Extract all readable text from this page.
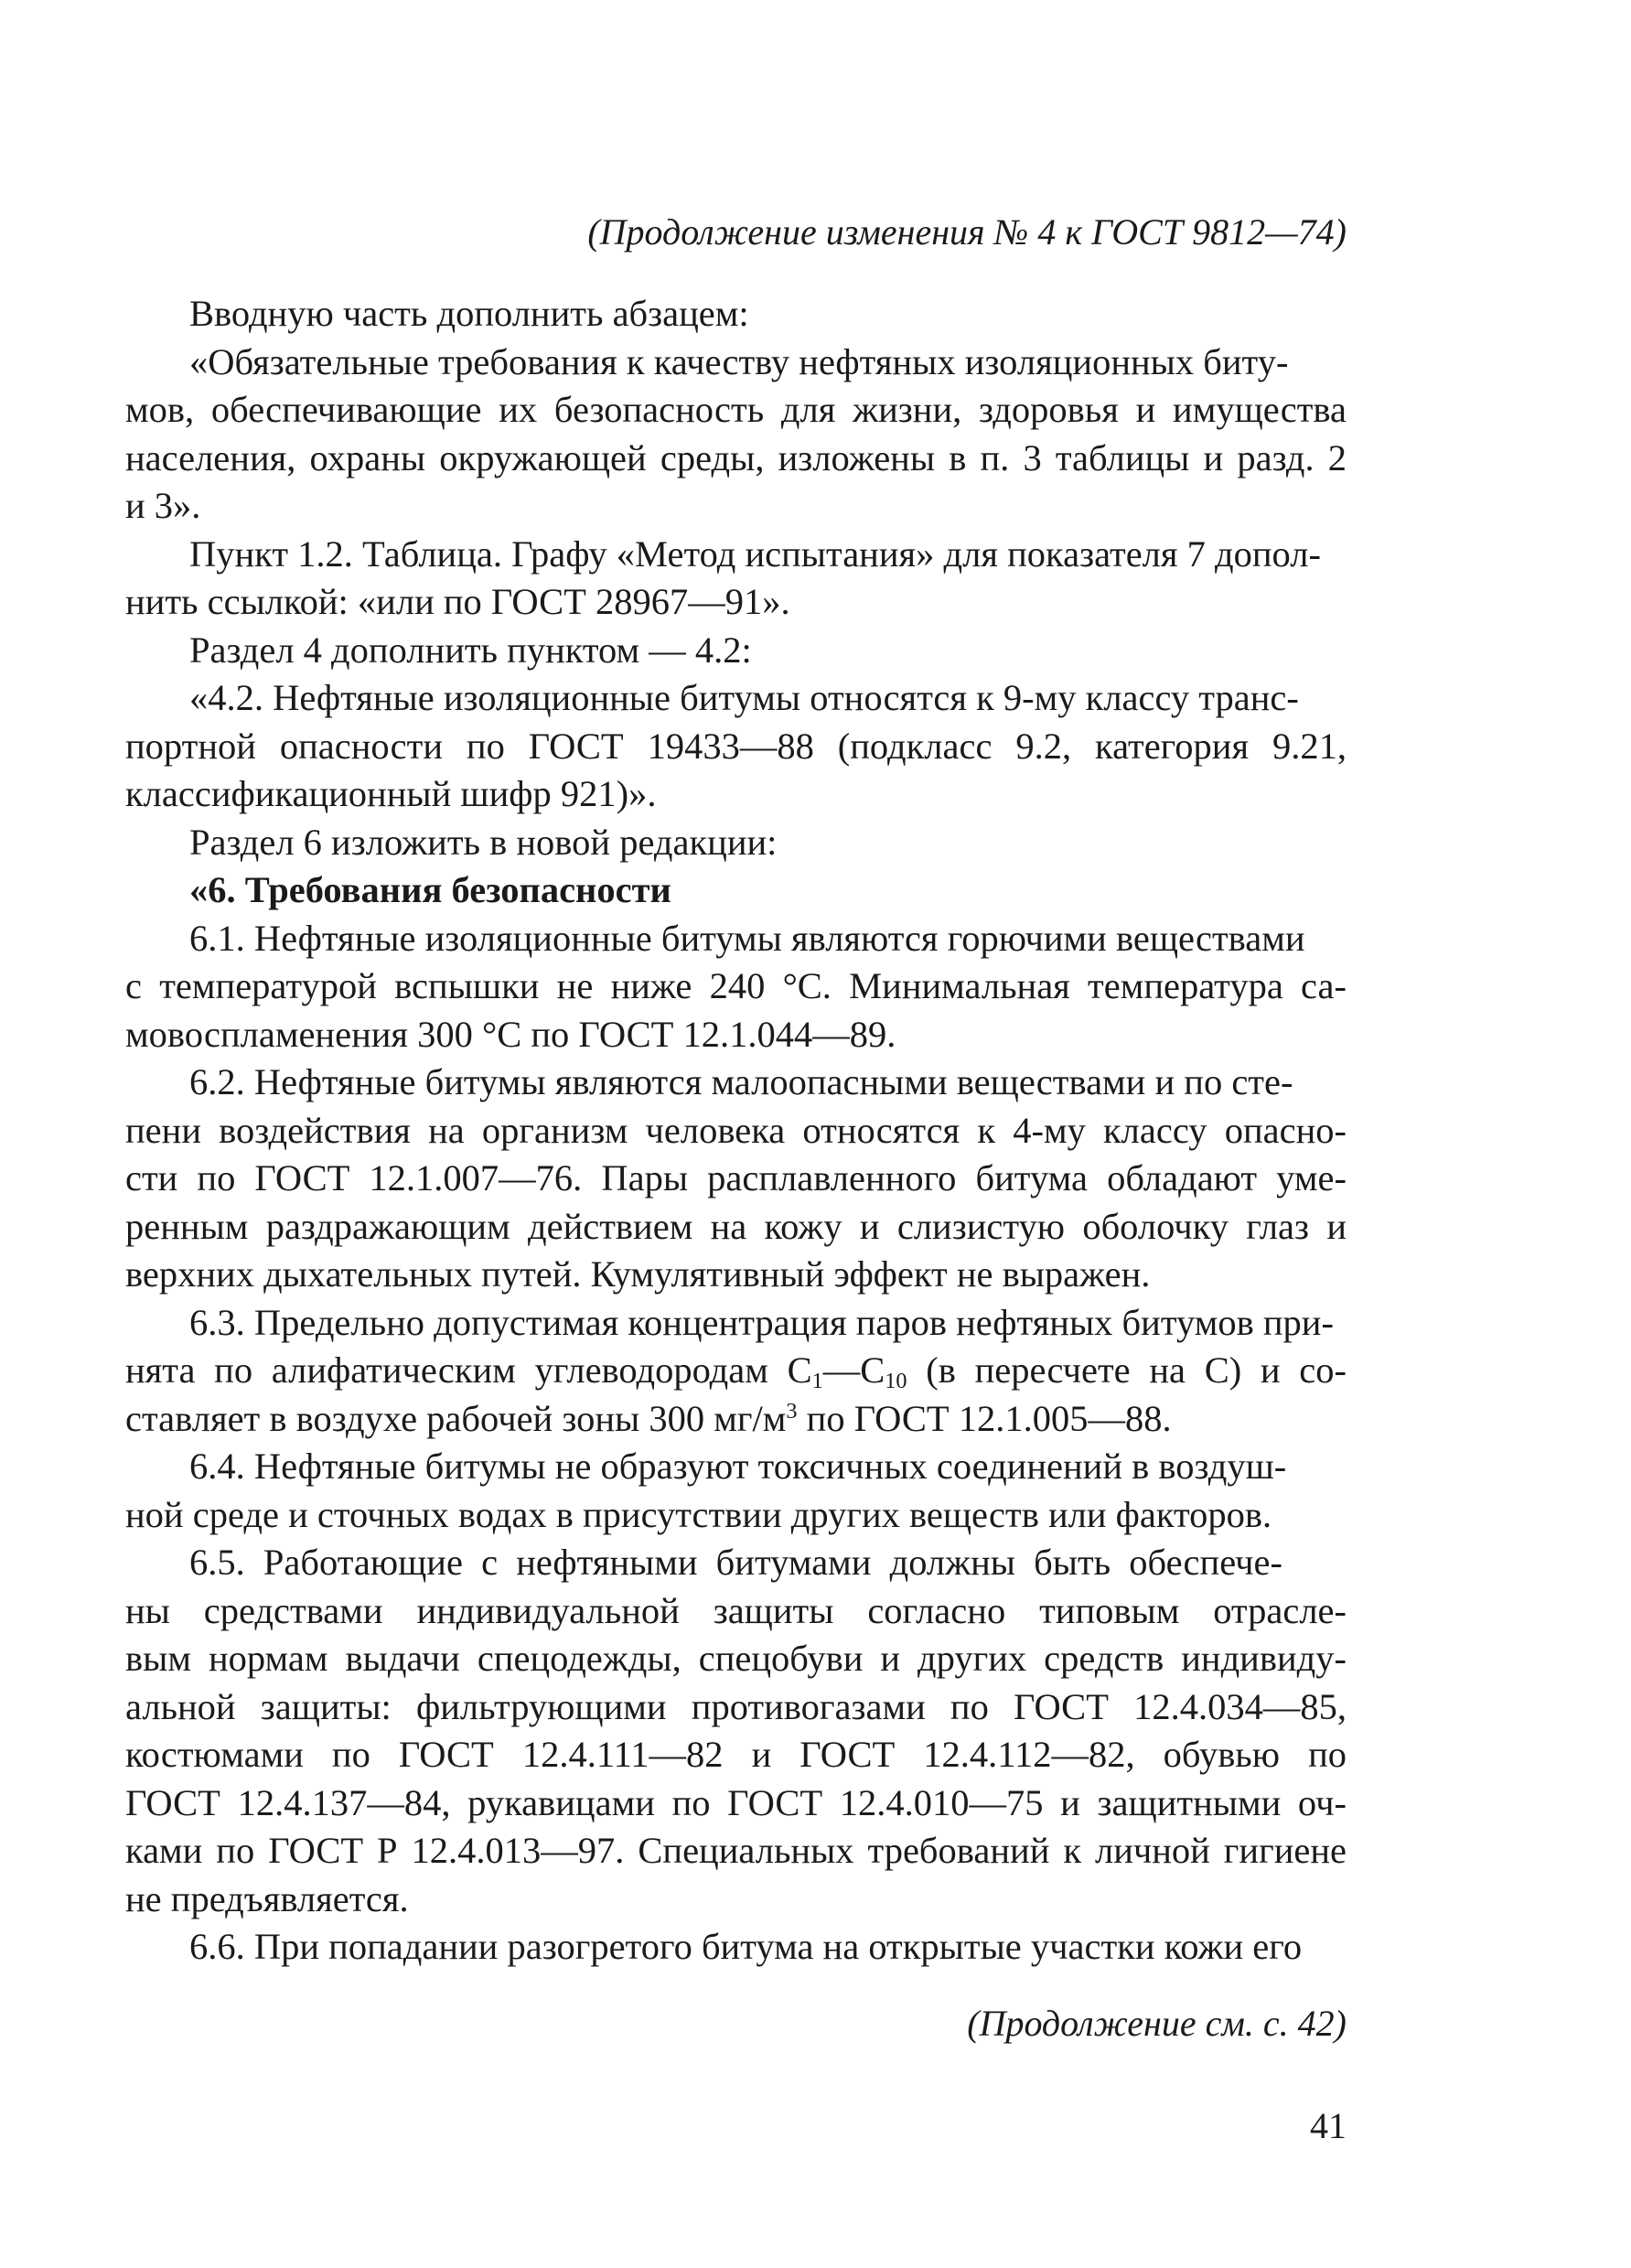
(Продолжение изменения № 4 к ГОСТ 9812—74)
Вводную часть дополнить абзацем:
«Обязательные требования к качеству нефтяных изоляционных биту-
мов, обеспечивающие их безопасность для жизни, здоровья и имущества
населения, охраны окружающей среды, изложены в п. 3 таблицы и разд. 2
и 3».
Пункт 1.2. Таблица. Графу «Метод испытания» для показателя 7 допол-
нить ссылкой: «или по ГОСТ 28967—91».
Раздел 4 дополнить пунктом — 4.2:
«4.2. Нефтяные изоляционные битумы относятся к 9-му классу транс-
портной опасности по ГОСТ 19433—88 (подкласс 9.2, категория 9.21,
классификационный шифр 921)».
Раздел 6 изложить в новой редакции:
«6. Требования безопасности
6.1. Нефтяные изоляционные битумы являются горючими веществами
с температурой вспышки не ниже 240 °С. Минимальная температура са-
мовоспламенения 300 °С по ГОСТ 12.1.044—89.
6.2. Нефтяные битумы являются малоопасными веществами и по сте-
пени воздействия на организм человека относятся к 4-му классу опасно-
сти по ГОСТ 12.1.007—76. Пары расплавленного битума обладают уме-
ренным раздражающим действием на кожу и слизистую оболочку глаз и
верхних дыхательных путей. Кумулятивный эффект не выражен.
6.3. Предельно допустимая концентрация паров нефтяных битумов при-
нята по алифатическим углеводородам $С_1—С_{10}$ (в пересчете на С) и со-
ставляет в воздухе рабочей зоны 300 $мг/м^3$ по ГОСТ 12.1.005—88.
6.4. Нефтяные битумы не образуют токсичных соединений в воздуш-
ной среде и сточных водах в присутствии других веществ или факторов.
6.5. Работающие с нефтяными битумами должны быть обеспече-
ны средствами индивидуальной защиты согласно типовым отрасле-
вым нормам выдачи спецодежды, спецобуви и других средств индивиду-
альной защиты: фильтрующими противогазами по ГОСТ 12.4.034—85,
костюмами по ГОСТ 12.4.111—82 и ГОСТ 12.4.112—82, обувью по
ГОСТ 12.4.137—84, рукавицами по ГОСТ 12.4.010—75 и защитными оч-
ками по ГОСТ Р 12.4.013—97. Специальных требований к личной гигиене
не предъявляется.
6.6. При попадании разогретого битума на открытые участки кожи его
(Продолжение см. с. 42)
41
